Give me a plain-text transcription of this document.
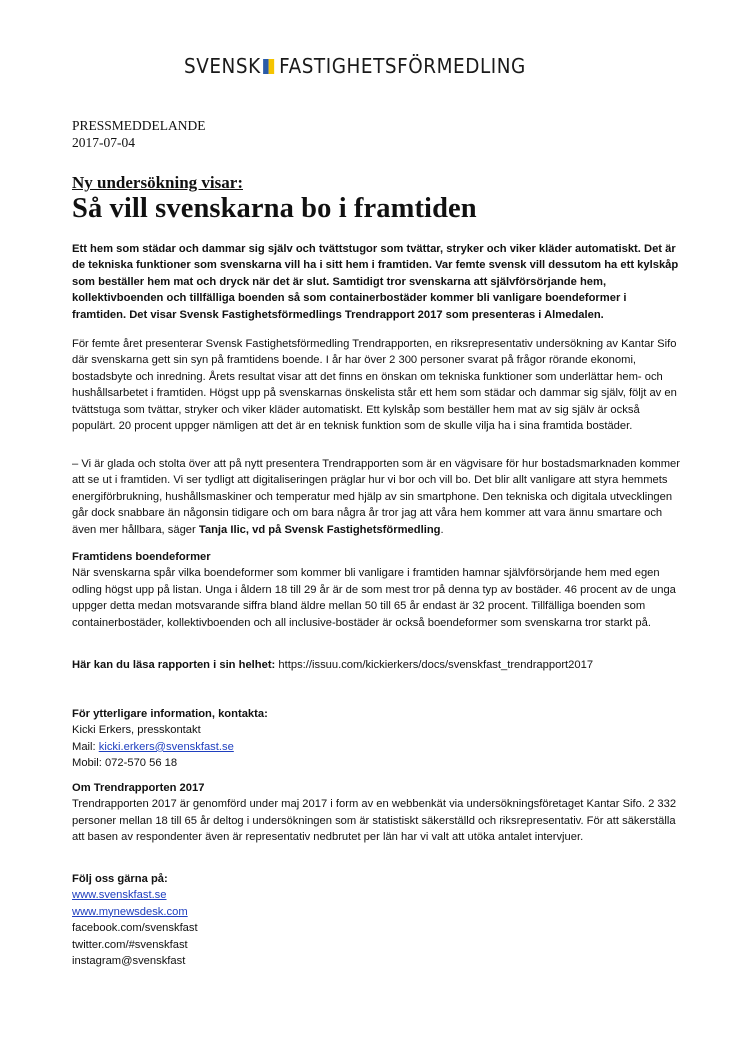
SVENSK FASTIGHETSFÖRMEDLING
PRESSMEDDELANDE
2017-07-04
Ny undersökning visar:
Så vill svenskarna bo i framtiden
Ett hem som städar och dammar sig själv och tvättstugor som tvättar, stryker och viker kläder automatiskt. Det är de tekniska funktioner som svenskarna vill ha i sitt hem i framtiden. Var femte svensk vill dessutom ha ett kylskåp som beställer hem mat och dryck när det är slut. Samtidigt tror svenskarna att självförsörjande hem, kollektivboenden och tillfälliga boenden så som containerbostäder kommer bli vanligare boendeformer i framtiden. Det visar Svensk Fastighetsförmedlings Trendrapport 2017 som presenteras i Almedalen.
För femte året presenterar Svensk Fastighetsförmedling Trendrapporten, en riksrepresentativ undersökning av Kantar Sifo där svenskarna gett sin syn på framtidens boende. I år har över 2 300 personer svarat på frågor rörande ekonomi, bostadsbyte och inredning. Årets resultat visar att det finns en önskan om tekniska funktioner som underlättar hem- och hushållsarbetet i framtiden. Högst upp på svenskarnas önskelista står ett hem som städar och dammar sig själv, följt av en tvättstuga som tvättar, stryker och viker kläder automatiskt. Ett kylskåp som beställer hem mat av sig själv är också populärt. 20 procent uppger nämligen att det är en teknisk funktion som de skulle vilja ha i sina framtida bostäder.
– Vi är glada och stolta över att på nytt presentera Trendrapporten som är en vägvisare för hur bostadsmarknaden kommer att se ut i framtiden. Vi ser tydligt att digitaliseringen präglar hur vi bor och vill bo. Det blir allt vanligare att styra hemmets energiförbrukning, hushållsmaskiner och temperatur med hjälp av sin smartphone. Den tekniska och digitala utvecklingen går dock snabbare än någonsin tidigare och om bara några år tror jag att våra hem kommer att vara ännu smartare och även mer hållbara, säger Tanja Ilic, vd på Svensk Fastighetsförmedling.
Framtidens boendeformer
När svenskarna spår vilka boendeformer som kommer bli vanligare i framtiden hamnar självförsörjande hem med egen odling högst upp på listan. Unga i åldern 18 till 29 år är de som mest tror på denna typ av bostäder. 46 procent av de unga uppger detta medan motsvarande siffra bland äldre mellan 50 till 65 år endast är 32 procent. Tillfälliga boenden som containerbostäder, kollektivboenden och all inclusive-bostäder är också boendeformer som svenskarna tror starkt på.
Här kan du läsa rapporten i sin helhet: https://issuu.com/kickierkers/docs/svenskfast_trendrapport2017
För ytterligare information, kontakta:
Kicki Erkers, presskontakt
Mail: kicki.erkers@svenskfast.se
Mobil: 072-570 56 18
Om Trendrapporten 2017
Trendrapporten 2017 är genomförd under maj 2017 i form av en webbenkät via undersökningsföretaget Kantar Sifo. 2 332 personer mellan 18 till 65 år deltog i undersökningen som är statistiskt säkerställd och riksrepresentativ. För att säkerställa att basen av respondenter även är representativ nedbrutet per län har vi valt att utöka antalet intervjuer.
Följ oss gärna på:
www.svenskfast.se
www.mynewsdesk.com
facebook.com/svenskfast
twitter.com/#svenskfast
instagram@svenskfast
